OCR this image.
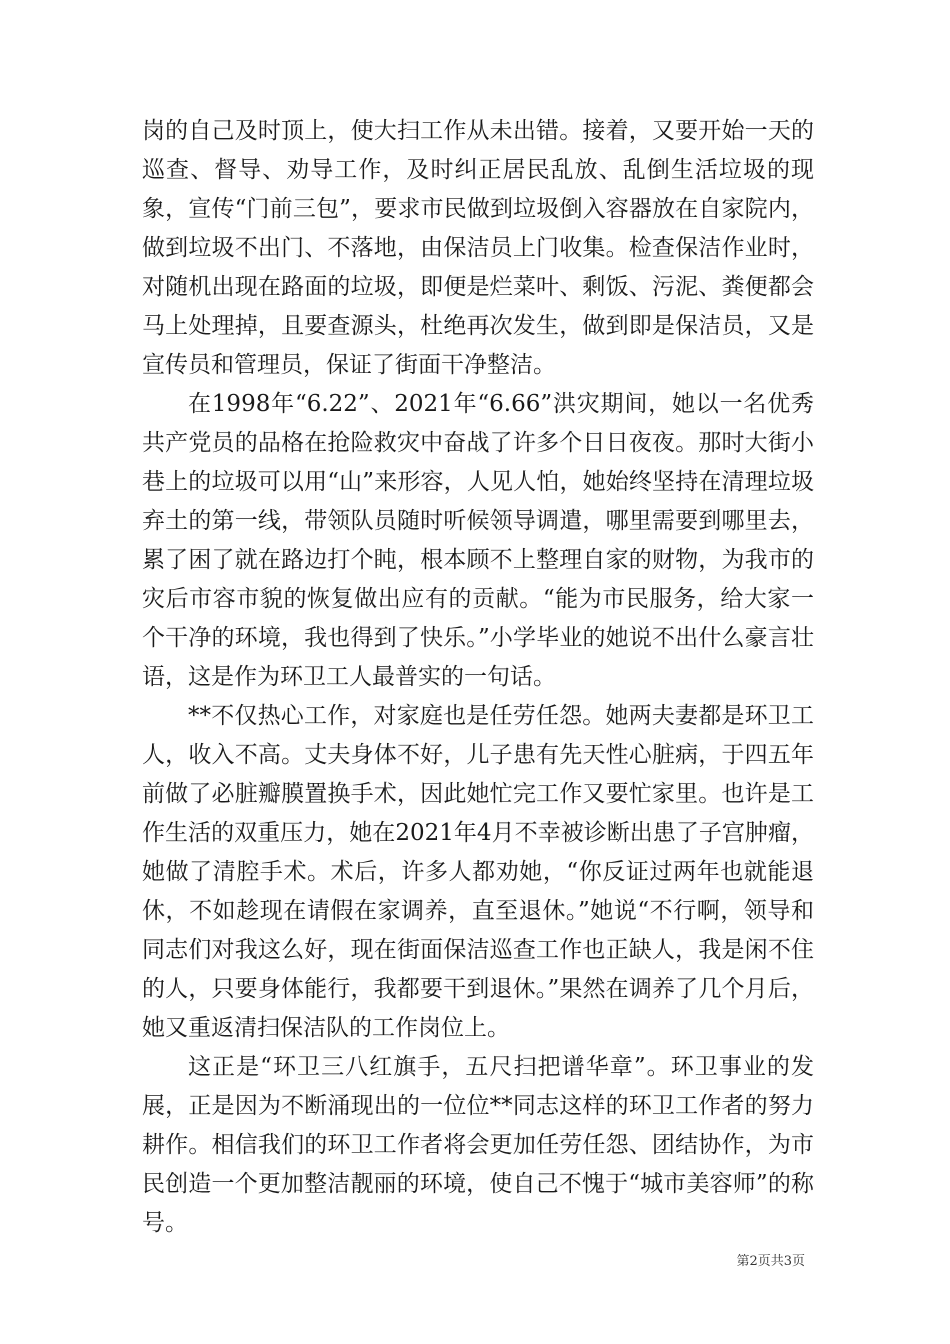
岗的自己及时顶上，使大扫工作从未出错。接着，又要开始一天的巡查、督导、劝导工作，及时纠正居民乱放、乱倒生活垃圾的现象，宣传“门前三包”，要求市民做到垃圾倒入容器放在自家院内，做到垃圾不出门、不落地，由保洁员上门收集。检查保洁作业时，对随机出现在路面的垃圾，即便是烂菜叶、剩饭、污泥、粪便都会马上处理掉，且要查源头，杜绝再次发生，做到即是保洁员，又是宣传员和管理员，保证了街面干净整洁。

在1998年“6.22”、2021年“6.66”洪灾期间，她以一名优秀共产党员的品格在抢险救灾中奋战了许多个日日夜夜。那时大街小巷上的垃圾可以用“山”来形容，人见人怕，她始终坚持在清理垃圾弃土的第一线，带领队员随时听候领导调遣，哪里需要到哪里去，累了困了就在路边打个盹，根本顾不上整理自家的财物，为我市的灾后市容市貌的恢复做出应有的贡献。“能为市民服务，给大家一个干净的环境，我也得到了快乐。”小学毕业的她说不出什么豪言壮语，这是作为环卫工人最普实的一句话。

**不仅热心工作，对家庭也是任劳任怨。她两夫妻都是环卫工人，收入不高。丈夫身体不好，儿子患有先天性心脏病，于四五年前做了必脏瓣膜置换手术，因此她忙完工作又要忙家里。也许是工作生活的双重压力，她在2021年4月不幸被诊断出患了子宫肿瘤，她做了清腔手术。术后，许多人都劝她，“你反证过两年也就能退休，不如趁现在请假在家调养，直至退休。”她说“不行啊，领导和同志们对我这么好，现在街面保洁巡查工作也正缺人，我是闲不住的人，只要身体能行，我都要干到退休。”果然在调养了几个月后，她又重返清扫保洁队的工作岗位上。

这正是“环卫三八红旗手，五尺扫把谱华章”。环卫事业的发展，正是因为不断涌现出的一位位**同志这样的环卫工作者的努力耕作。相信我们的环卫工作者将会更加任劳任怨、团结协作，为市民创造一个更加整洁靓丽的环境，使自己不愧于“城市美容师”的称号。

第2页共3页
